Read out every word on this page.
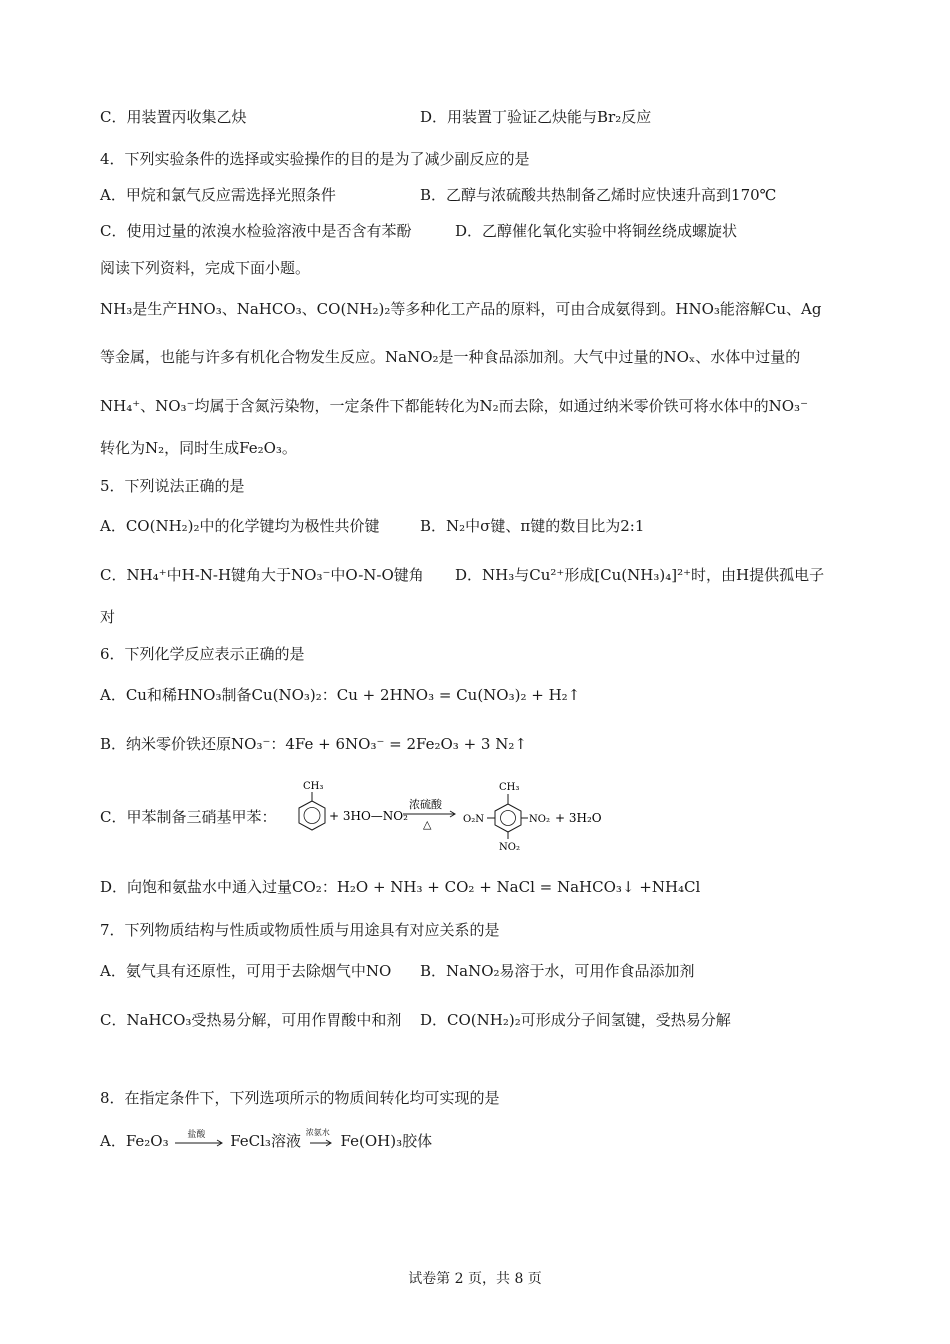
C．用装置丙收集乙炔	D．用装置丁验证乙炔能与Br₂反应
4．下列实验条件的选择或实验操作的目的是为了减少副反应的是
A．甲烷和氯气反应需选择光照条件	B．乙醇与浓硫酸共热制备乙烯时应快速升高到170℃
C．使用过量的浓溴水检验溶液中是否含有苯酚	D．乙醇催化氧化实验中将铜丝绕成螺旋状
阅读下列资料，完成下面小题。
NH₃是生产HNO₃、NaHCO₃、CO(NH₂)₂等多种化工产品的原料，可由合成氨得到。HNO₃能溶解Cu、Ag
等金属，也能与许多有机化合物发生反应。NaNO₂是一种食品添加剂。大气中过量的NOₓ、水体中过量的
NH₄⁺、NO₃⁻均属于含氮污染物，一定条件下都能转化为N₂而去除，如通过纳米零价铁可将水体中的NO₃⁻
转化为N₂，同时生成Fe₂O₃。
5．下列说法正确的是
A．CO(NH₂)₂中的化学键均为极性共价键	B．N₂中σ键、π键的数目比为2:1
C．NH₄⁺中H-N-H键角大于NO₃⁻中O-N-O键角 D．NH₃与Cu²⁺形成[Cu(NH₃)₄]²⁺时，由H提供孤电子
对
6．下列化学反应表示正确的是
A．Cu和稀HNO₃制备Cu(NO₃)₂：Cu + 2HNO₃ = Cu(NO₃)₂ + H₂↑
B．纳米零价铁还原NO₃⁻：4Fe + 6NO₃⁻ = 2Fe₂O₃ + 3 N₂↑
C．甲苯制备三硝基甲苯：
CH₃
+ 3HO—NO₂
浓硫酸
△	O₂N
CH₃
NO₂
NO₂
+ 3H₂O
D．向饱和氨盐水中通入过量CO₂：H₂O + NH₃ + CO₂ + NaCl = NaHCO₃↓ +NH₄Cl
7．下列物质结构与性质或物质性质与用途具有对应关系的是
A．氨气具有还原性，可用于去除烟气中NO B．NaNO₂易溶于水，可用作食品添加剂
C．NaHCO₃受热易分解，可用作胃酸中和剂 D．CO(NH₂)₂可形成分子间氢键，受热易分解
8．在指定条件下，下列选项所示的物质间转化均可实现的是
A．Fe₂O₃ 盐酸 FeCl₃溶液 浓氨水 Fe(OH)₃胶体
试卷第 2 页，共 8 页
